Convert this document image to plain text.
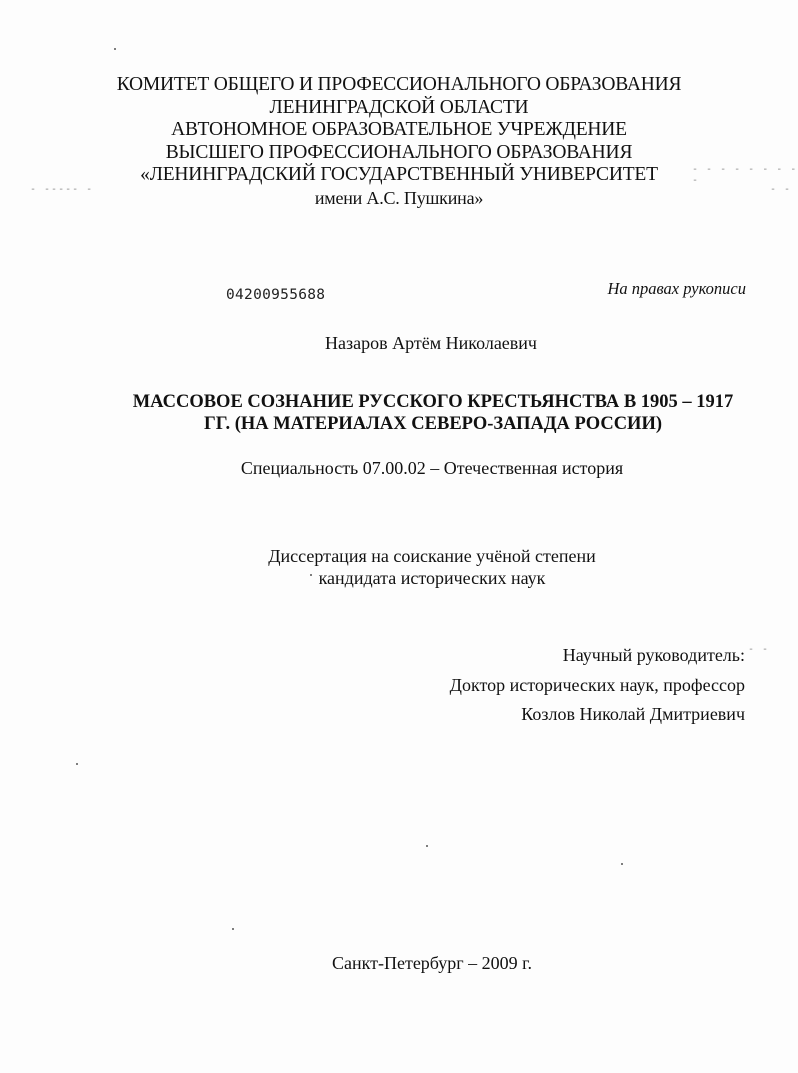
КОМИТЕТ ОБЩЕГО И ПРОФЕССИОНАЛЬНОГО ОБРАЗОВАНИЯ
ЛЕНИНГРАДСКОЙ ОБЛАСТИ
АВТОНОМНОЕ ОБРАЗОВАТЕЛЬНОЕ УЧРЕЖДЕНИЕ
ВЫСШЕГО ПРОФЕССИОНАЛЬНОГО ОБРАЗОВАНИЯ
«ЛЕНИНГРАДСКИЙ ГОСУДАРСТВЕННЫЙ УНИВЕРСИТЕТ
имени А.С. Пушкина»
04200955688	На правах рукописи
Назаров Артём Николаевич
МАССОВОЕ СОЗНАНИЕ РУССКОГО КРЕСТЬЯНСТВА В 1905 – 1917
ГГ. (НА МАТЕРИАЛАХ СЕВЕРО-ЗАПАДА РОССИИ)
Специальность 07.00.02 – Отечественная история
Диссертация на соискание учёной степени
кандидата исторических наук
Научный руководитель:
Доктор исторических наук, профессор
Козлов Николай Дмитриевич
Санкт-Петербург – 2009 г.
- ----- -
- - - - - - - - -
- -
- -
